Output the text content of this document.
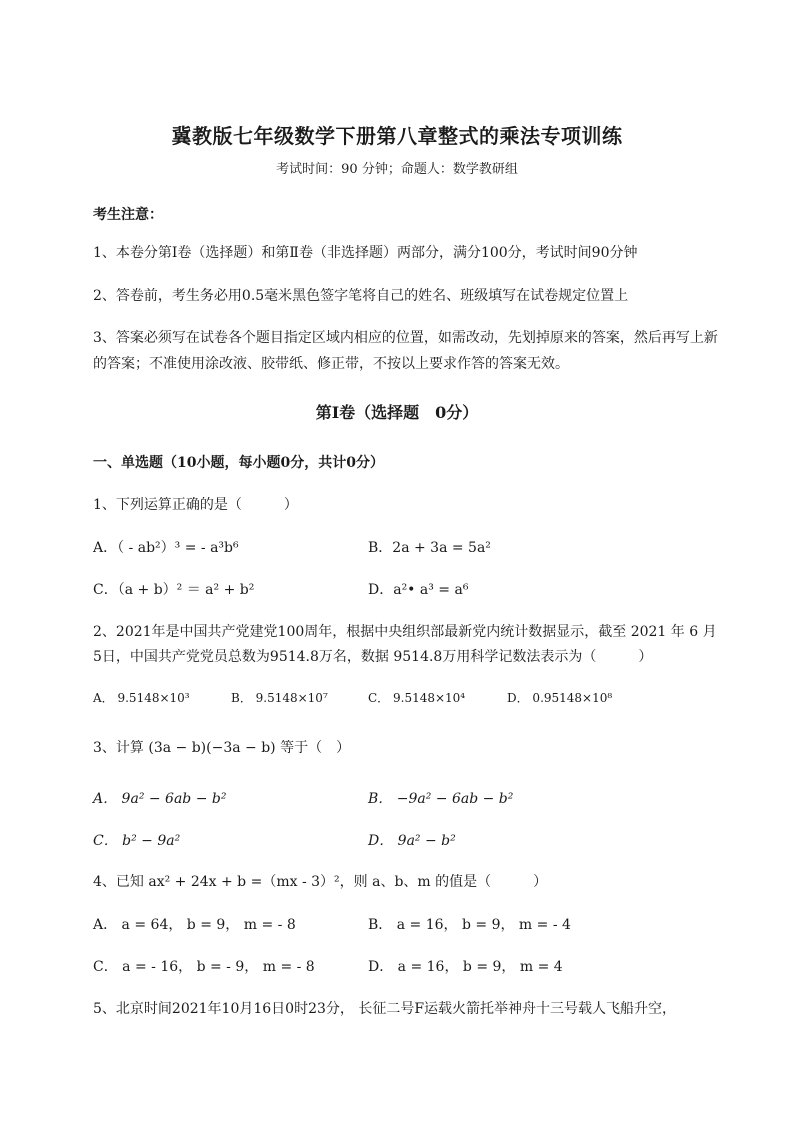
冀教版七年级数学下册第八章整式的乘法专项训练
考试时间：90 分钟；命题人：数学教研组
考生注意：
1、本卷分第Ⅰ卷（选择题）和第Ⅱ卷（非选择题）两部分，满分100分，考试时间90分钟
2、答卷前，考生务必用0.5毫米黑色签字笔将自己的姓名、班级填写在试卷规定位置上
3、答案必须写在试卷各个题目指定区域内相应的位置，如需改动，先划掉原来的答案，然后再写上新
的答案；不准使用涂改液、胶带纸、修正带，不按以上要求作答的答案无效。
第Ⅰ卷（选择题　0分）
一、单选题（10小题，每小题0分，共计0分）
1、下列运算正确的是（　　　）
A．（ - ab²）³ = - a³b⁶	B．2a + 3a = 5a²
C．（a + b）² ＝ a² + b²	D．a²• a³ = a⁶
2、2021年是中国共产党建党100周年，根据中央组织部最新党内统计数据显示，截至 2021 年 6 月
5日，中国共产党党员总数为9514.8万名，数据 9514.8万用科学记数法表示为（　　　）
A． 9.5148×10³	B． 9.5148×10⁷	C． 9.5148×10⁴	D． 0.95148×10⁸
3、计算 (3a − b)(−3a − b) 等于（　）
A． 9a² − 6ab − b²	B． −9a² − 6ab − b²
C． b² − 9a²	D． 9a² − b²
4、已知 ax² + 24x + b =（mx - 3）²，则 a、b、m 的值是（　　　）
A． a = 64， b = 9， m = - 8	B． a = 16， b = 9， m = - 4
C． a = - 16， b = - 9， m = - 8	D． a = 16， b = 9， m = 4
5、北京时间2021年10月16日0时23分， 长征二号F运载火箭托举神舟十三号载人飞船升空，
